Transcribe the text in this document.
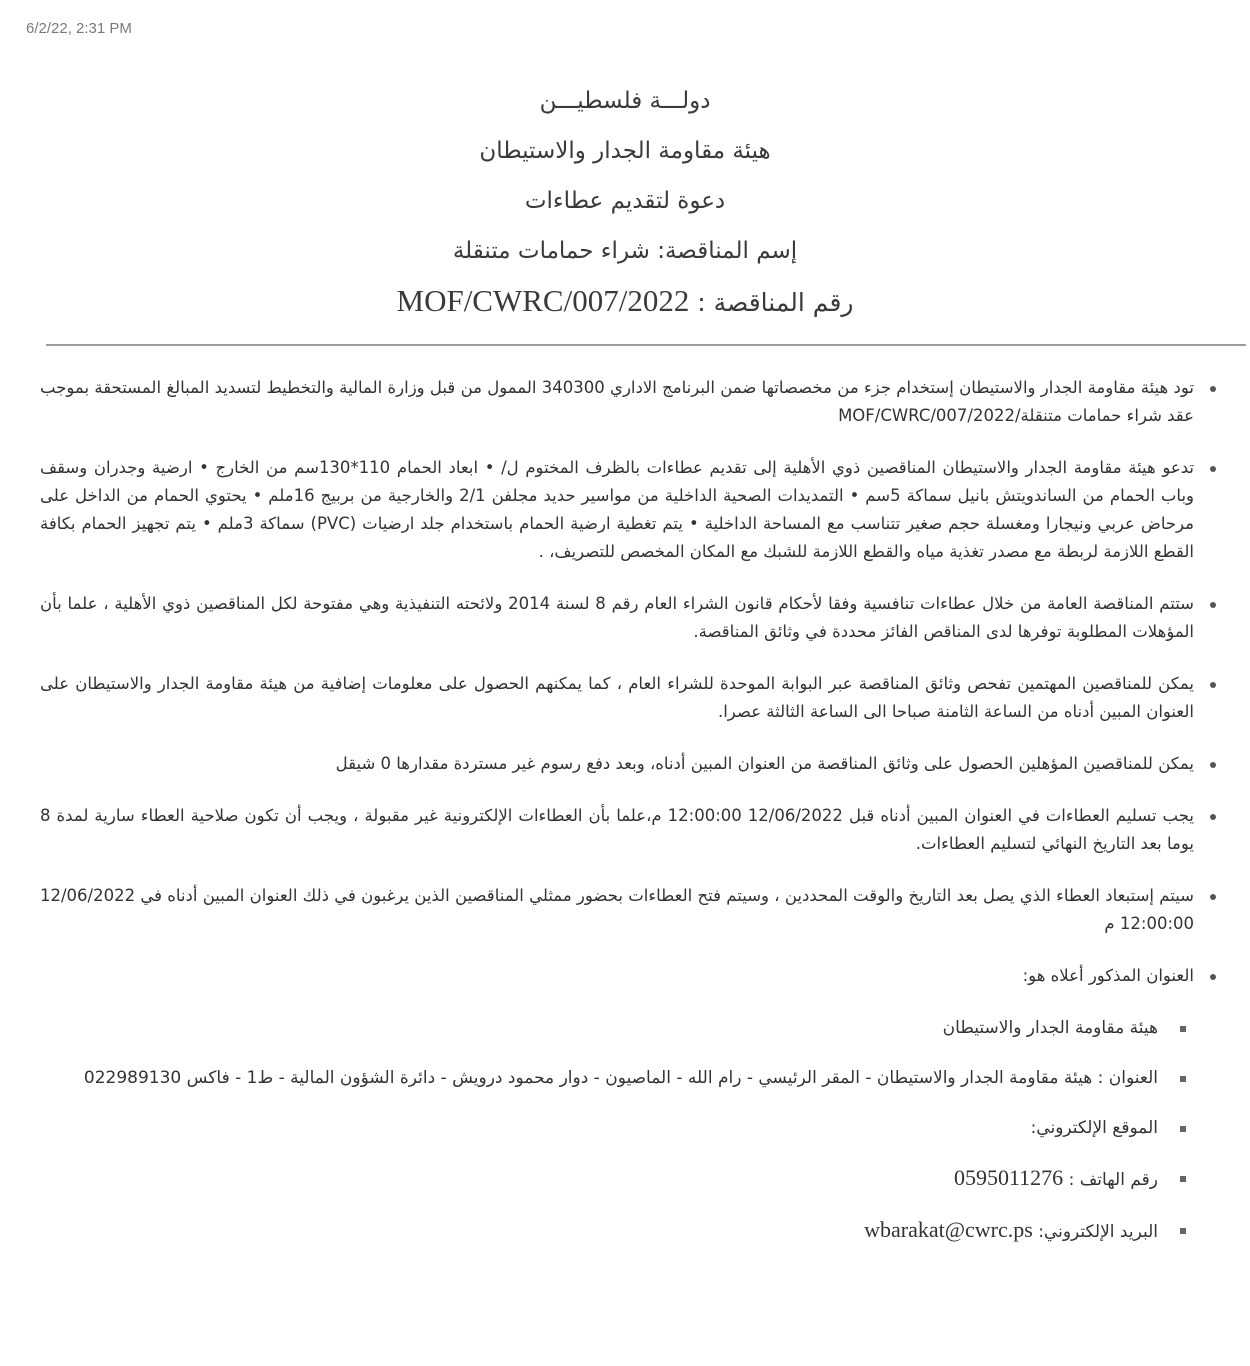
6/2/22, 2:31 PM
دولـــة فلسطيـــن
هيئة مقاومة الجدار والاستيطان
دعوة لتقديم عطاءات
إسم المناقصة: شراء حمامات متنقلة
رقم المناقصة : MOF/CWRC/007/2022
تود هيئة مقاومة الجدار والاستيطان إستخدام جزء من مخصصاتها ضمن البرنامج الاداري 340300 الممول من قبل وزارة المالية والتخطيط لتسديد المبالغ المستحقة بموجب عقد شراء حمامات متنقلة/MOF/CWRC/007/2022
تدعو هيئة مقاومة الجدار والاستيطان المناقصين ذوي الأهلية إلى تقديم عطاءات بالظرف المختوم ل/ • ابعاد الحمام 110*130سم من الخارج • ارضية وجدران وسقف وباب الحمام من الساندويتش بانيل سماكة 5سم • التمديدات الصحية الداخلية من مواسير حديد مجلفن 2/1 والخارجية من بربيج 16ملم • يحتوي الحمام من الداخل على مرحاض عربي ونيجارا ومغسلة حجم صغير تتناسب مع المساحة الداخلية • يتم تغطية ارضية الحمام باستخدام جلد ارضيات (PVC) سماكة 3ملم • يتم تجهيز الحمام بكافة القطع اللازمة لربطة مع مصدر تغذية مياه والقطع اللازمة للشبك مع المكان المخصص للتصريف، .
ستتم المناقصة العامة من خلال عطاءات تنافسية وفقا لأحكام قانون الشراء العام رقم 8 لسنة 2014 ولائحته التنفيذية وهي مفتوحة لكل المناقصين ذوي الأهلية ، علما بأن المؤهلات المطلوبة توفرها لدى المناقص الفائز محددة في وثائق المناقصة.
يمكن للمناقصين المهتمين تفحص وثائق المناقصة عبر البوابة الموحدة للشراء العام ، كما يمكنهم الحصول على معلومات إضافية من هيئة مقاومة الجدار والاستيطان على العنوان المبين أدناه من الساعة الثامنة صباحا الى الساعة الثالثة عصرا.
يمكن للمناقصين المؤهلين الحصول على وثائق المناقصة من العنوان المبين أدناه، وبعد دفع رسوم غير مستردة مقدارها 0 شيقل
يجب تسليم العطاءات في العنوان المبين أدناه قبل 12/06/2022 12:00:00 م،علما بأن العطاءات الإلكترونية غير مقبولة ، ويجب أن تكون صلاحية العطاء سارية لمدة 8 يوما بعد التاريخ النهائي لتسليم العطاءات.
سيتم إستبعاد العطاء الذي يصل بعد التاريخ والوقت المحددين ، وسيتم فتح العطاءات بحضور ممثلي المناقصين الذين يرغبون في ذلك العنوان المبين أدناه في 12/06/2022 12:00:00 م
العنوان المذكور أعلاه هو:
هيئة مقاومة الجدار والاستيطان
العنوان : هيئة مقاومة الجدار والاستيطان - المقر الرئيسي - رام الله - الماصيون - دوار محمود درويش - دائرة الشؤون المالية - ط1 - فاكس 022989130
الموقع الإلكتروني:
رقم الهاتف : 0595011276
البريد الإلكتروني: wbarakat@cwrc.ps
